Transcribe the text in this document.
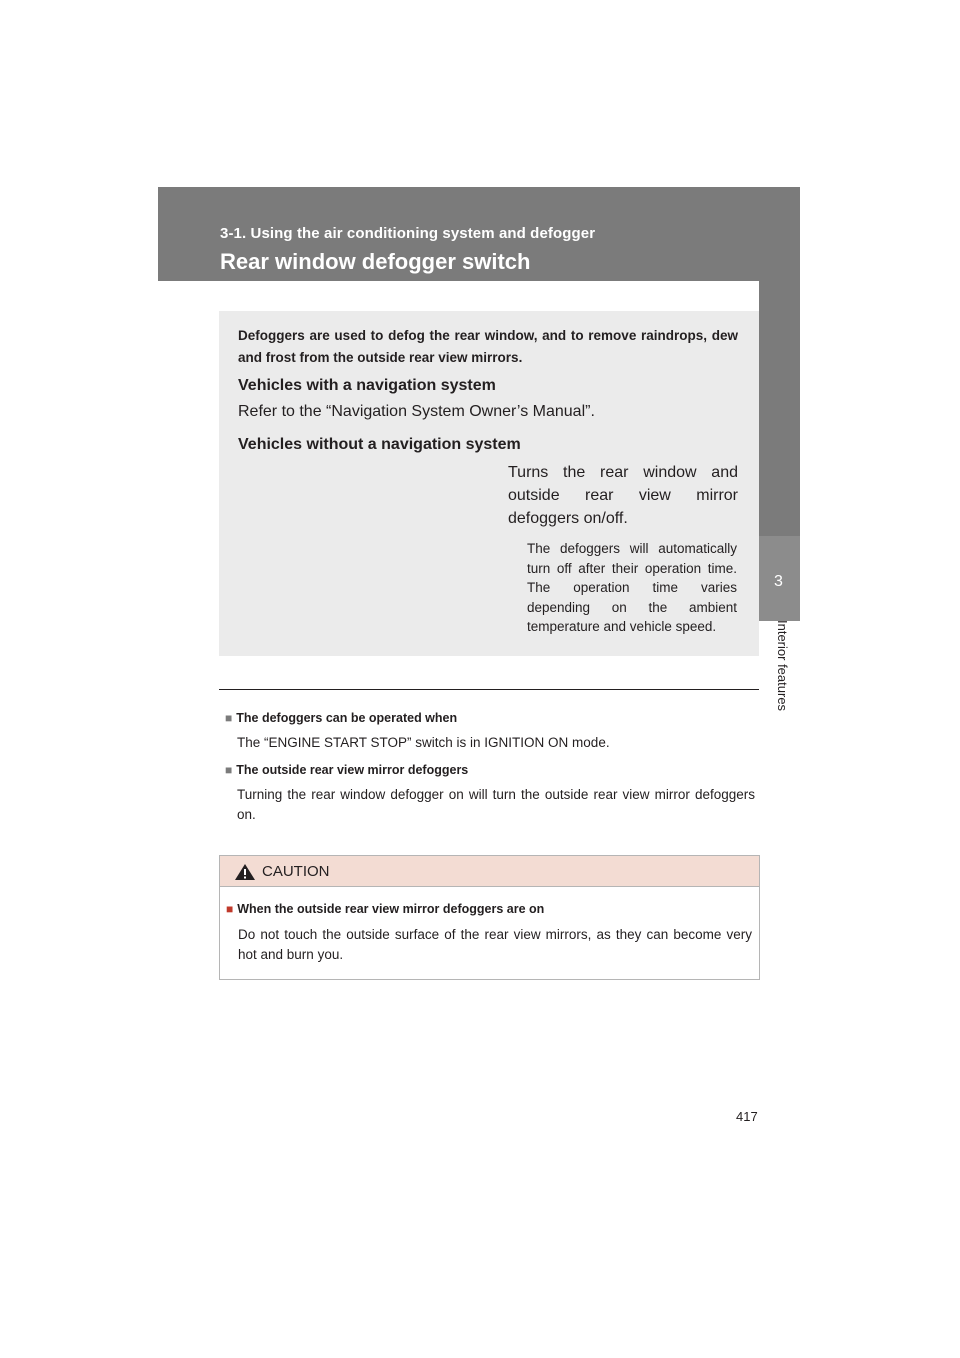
3-1. Using the air conditioning system and defogger
Rear window defogger switch
3
Interior features
Defoggers are used to defog the rear window, and to remove raindrops, dew and frost from the outside rear view mirrors.
Vehicles with a navigation system
Refer to the “Navigation System Owner’s Manual”.
Vehicles without a navigation system
Turns the rear window and outside rear view mirror defoggers on/off.
The defoggers will automatically turn off after their operation time. The operation time varies depending on the ambient temperature and vehicle speed.
■ The defoggers can be operated when
The “ENGINE START STOP” switch is in IGNITION ON mode.
■ The outside rear view mirror defoggers
Turning the rear window defogger on will turn the outside rear view mirror defoggers on.
CAUTION
■ When the outside rear view mirror defoggers are on
Do not touch the outside surface of the rear view mirrors, as they can become very hot and burn you.
417
